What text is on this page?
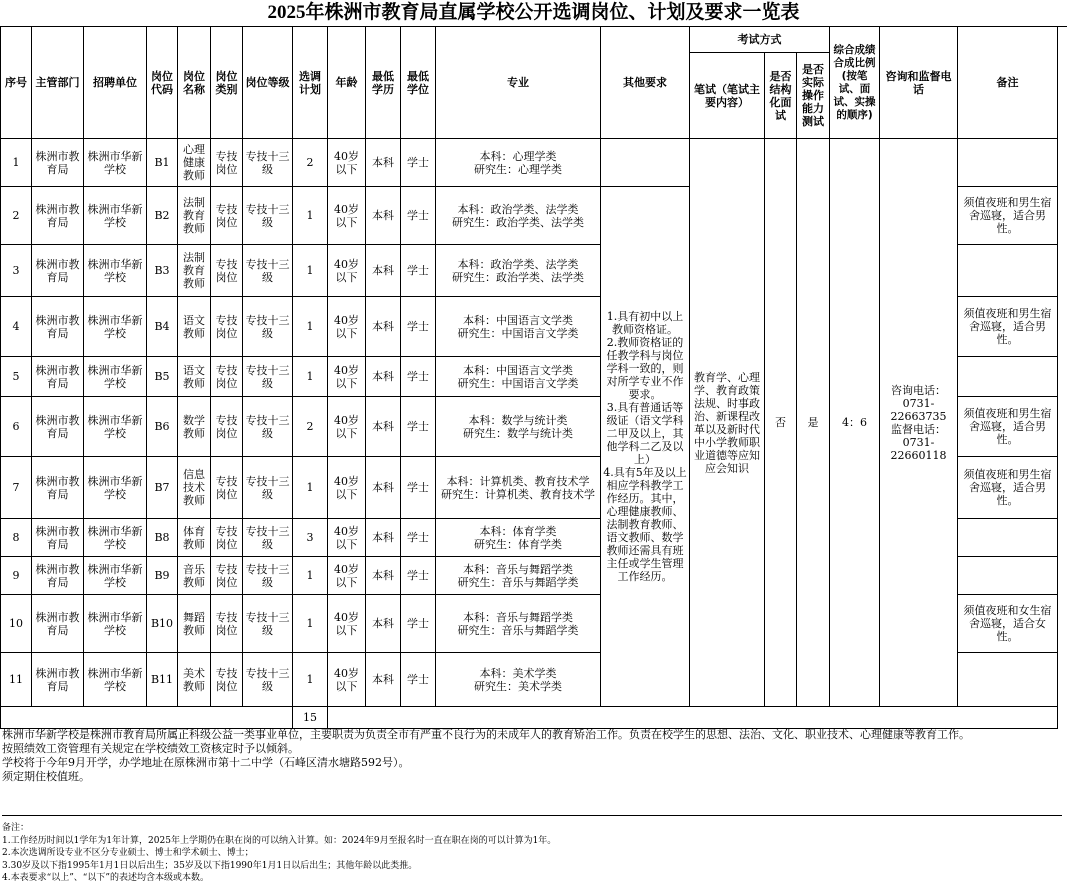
2025年株洲市教育局直属学校公开选调岗位、计划及要求一览表
序号	主管部门	招聘单位	岗位代码	岗位名称	岗位类别	岗位等级	选调计划	年龄	最低学历	最低学位	专业	其他要求	考试方式			综合成绩合成比例(按笔试、面试、实操的顺序)	咨询和监督电话	备注
													笔试（笔试主要内容）	是否结构化面试	是否实际操作能力测试			
1	株洲市教育局	株洲市华新学校	B1	心理健康教师	专技岗位	专技十三级	2	40岁以下	本科	学士	本科：心理学类
研究生：心理学类		教育学、心理学、教育政策法规、时事政治、新课程改革以及新时代中小学教师职业道德等应知应会知识	否	是	4：6	咨询电话：0731-22663735
监督电话：0731-22660118	
2	株洲市教育局	株洲市华新学校	B2	法制教育教师	专技岗位	专技十三级	1	40岁以下	本科	学士	本科：政治学类、法学类
研究生：政治学类、法学类	1.具有初中以上教师资格证。
2.教师资格证的任教学科与岗位学科一致的，则对所学专业不作要求。
3.具有普通话等级证（语文学科二甲及以上，其他学科二乙及以上）
4.具有5年及以上相应学科教学工作经历。其中，心理健康教师、法制教育教师、语文教师、数学教师还需具有班主任或学生管理工作经历。						须值夜班和男生宿舍巡寝，适合男性。
3	株洲市教育局	株洲市华新学校	B3	法制教育教师	专技岗位	专技十三级	1	40岁以下	本科	学士	本科：政治学类、法学类
研究生：政治学类、法学类							
4	株洲市教育局	株洲市华新学校	B4	语文教师	专技岗位	专技十三级	1	40岁以下	本科	学士	本科：中国语言文学类
研究生：中国语言文学类							须值夜班和男生宿舍巡寝，适合男性。
5	株洲市教育局	株洲市华新学校	B5	语文教师	专技岗位	专技十三级	1	40岁以下	本科	学士	本科：中国语言文学类
研究生：中国语言文学类							
6	株洲市教育局	株洲市华新学校	B6	数学教师	专技岗位	专技十三级	2	40岁以下	本科	学士	本科：数学与统计类
研究生：数学与统计类							须值夜班和男生宿舍巡寝，适合男性。
7	株洲市教育局	株洲市华新学校	B7	信息技术教师	专技岗位	专技十三级	1	40岁以下	本科	学士	本科：计算机类、教育技术学
研究生：计算机类、教育技术学							须值夜班和男生宿舍巡寝，适合男性。
8	株洲市教育局	株洲市华新学校	B8	体育教师	专技岗位	专技十三级	3	40岁以下	本科	学士	本科：体育学类
研究生：体育学类							
9	株洲市教育局	株洲市华新学校	B9	音乐教师	专技岗位	专技十三级	1	40岁以下	本科	学士	本科：音乐与舞蹈学类
研究生：音乐与舞蹈学类							
10	株洲市教育局	株洲市华新学校	B10	舞蹈教师	专技岗位	专技十三级	1	40岁以下	本科	学士	本科：音乐与舞蹈学类
研究生：音乐与舞蹈学类							须值夜班和女生宿舍巡寝，适合女性。
11	株洲市教育局	株洲市华新学校	B11	美术教师	专技岗位	专技十三级	1	40岁以下	本科	学士	本科：美术学类
研究生：美术学类							
							15											
株洲市华新学校是株洲市教育局所属正科级公益一类事业单位，主要职责为负责全市有严重不良行为的未成年人的教育矫治工作。负责在校学生的思想、法治、文化、职业技术、心理健康等教育工作。
按照绩效工资管理有关规定在学校绩效工资核定时予以倾斜。
学校将于今年9月开学，办学地址在原株洲市第十二中学（石峰区清水塘路592号）。
须定期住校值班。
备注：
1.工作经历时间以1学年为1年计算，2025年上学期仍在职在岗的可以纳入计算。如：2024年9月至报名时一直在职在岗的可以计算为1年。
2.本次选调所设专业不区分专业硕士、博士和学术硕士、博士；
3.30岁及以下指1995年1月1日以后出生；35岁及以下指1990年1月1日以后出生；其他年龄以此类推。
4.本表要求“以上”、“以下”的表述均含本级或本数。
